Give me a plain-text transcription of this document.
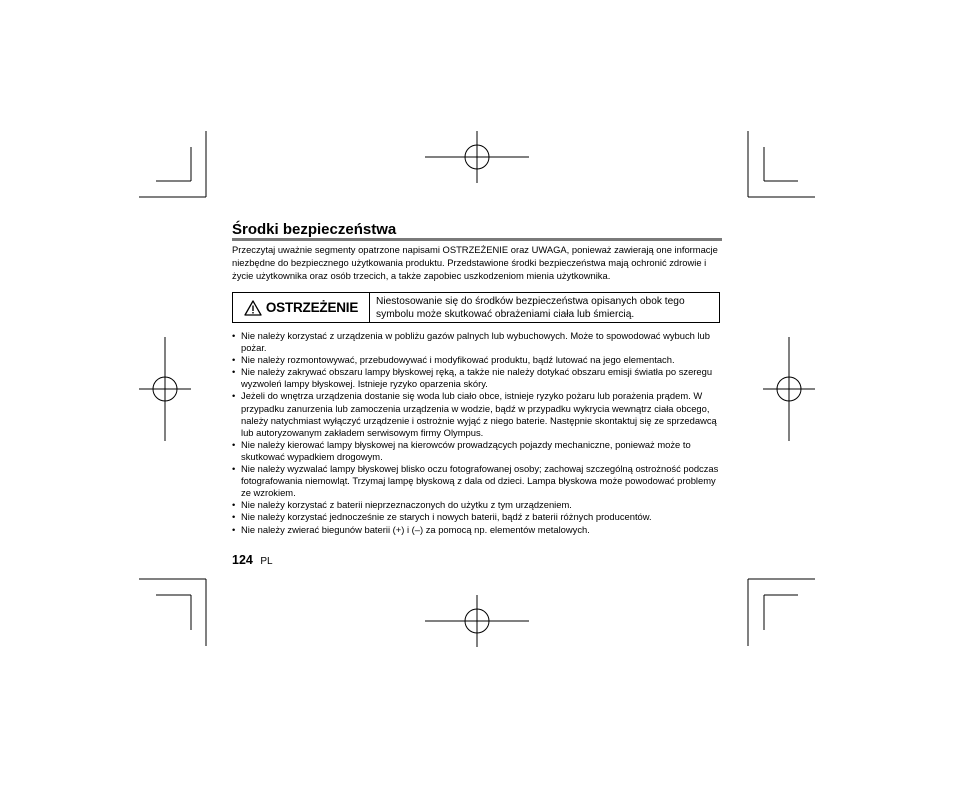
Środki bezpieczeństwa

Przeczytaj uważnie segmenty opatrzone napisami OSTRZEŻENIE oraz UWAGA, ponieważ zawierają one informacje niezbędne do bezpiecznego użytkowania produktu. Przedstawione środki bezpieczeństwa mają ochronić zdrowie i życie użytkownika oraz osób trzecich, a także zapobiec uszkodzeniom mienia użytkownika.

OSTRZEŻENIE	Niestosowanie się do środków bezpieczeństwa opisanych obok tego symbolu może skutkować obrażeniami ciała lub śmiercią.

• Nie należy korzystać z urządzenia w pobliżu gazów palnych lub wybuchowych. Może to spowodować wybuch lub pożar.
• Nie należy rozmontowywać, przebudowywać i modyfikować produktu, bądź lutować na jego elementach.
• Nie należy zakrywać obszaru lampy błyskowej ręką, a także nie należy dotykać obszaru emisji światła po szeregu wyzwoleń lampy błyskowej. Istnieje ryzyko oparzenia skóry.
• Jeżeli do wnętrza urządzenia dostanie się woda lub ciało obce, istnieje ryzyko pożaru lub porażenia prądem. W przypadku zanurzenia lub zamoczenia urządzenia w wodzie, bądź w przypadku wykrycia wewnątrz ciała obcego, należy natychmiast wyłączyć urządzenie i ostrożnie wyjąć z niego baterie. Następnie skontaktuj się ze sprzedawcą lub autoryzowanym zakładem serwisowym firmy Olympus.
• Nie należy kierować lampy błyskowej na kierowców prowadzących pojazdy mechaniczne, ponieważ może to skutkować wypadkiem drogowym.
• Nie należy wyzwalać lampy błyskowej blisko oczu fotografowanej osoby; zachowaj szczególną ostrożność podczas fotografowania niemowląt. Trzymaj lampę błyskową z dala od dzieci. Lampa błyskowa może powodować problemy ze wzrokiem.
• Nie należy korzystać z baterii nieprzeznaczonych do użytku z tym urządzeniem.
• Nie należy korzystać jednocześnie ze starych i nowych baterii, bądź z baterii różnych producentów.
• Nie należy zwierać biegunów baterii (+) i (–) za pomocą np. elementów metalowych.
124 PL
